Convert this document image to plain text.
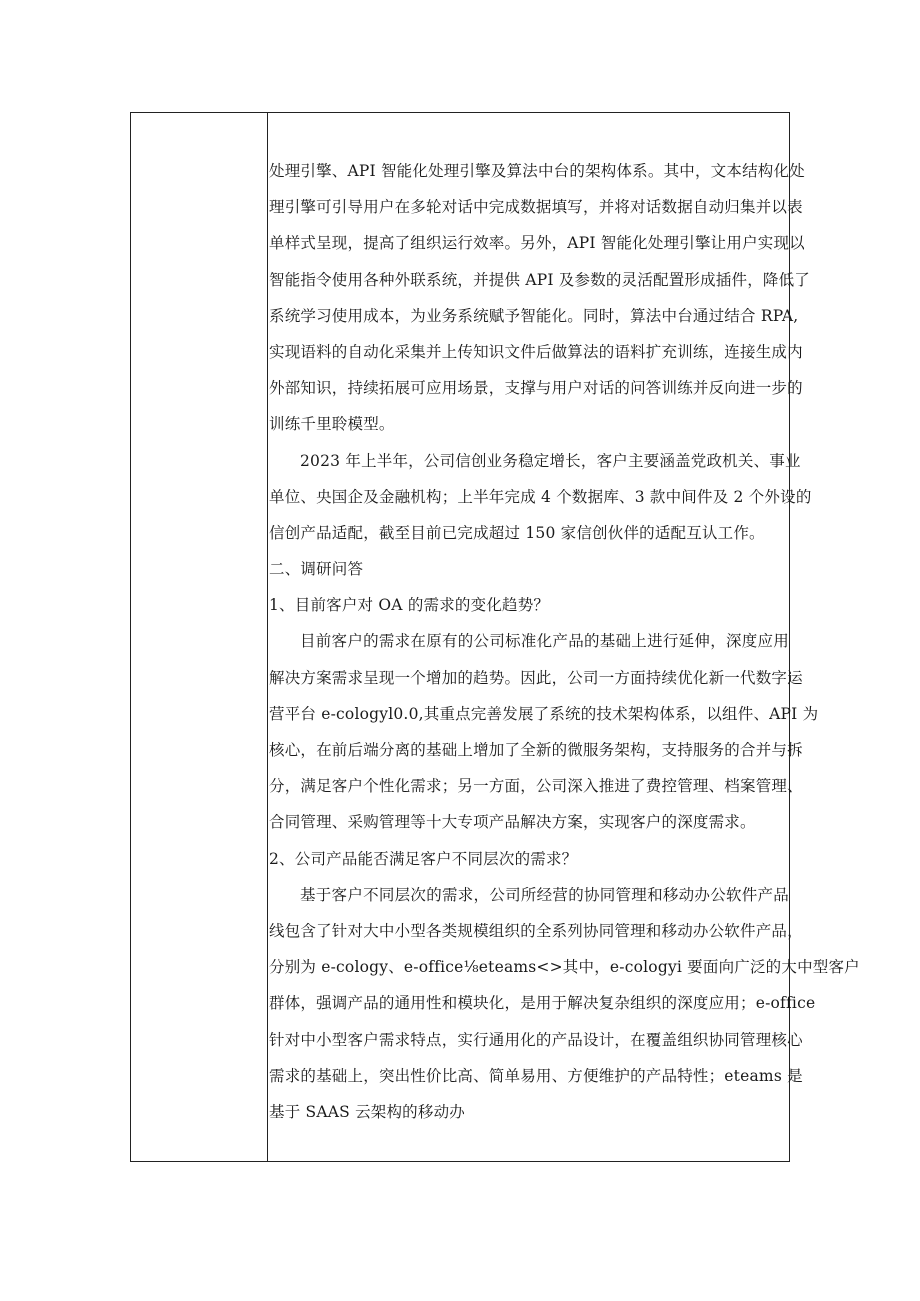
处理引擎、API 智能化处理引擎及算法中台的架构体系。其中，文本结构化处
理引擎可引导用户在多轮对话中完成数据填写，并将对话数据自动归集并以表
单样式呈现，提高了组织运行效率。另外，API 智能化处理引擎让用户实现以
智能指令使用各种外联系统，并提供 API 及参数的灵活配置形成插件，降低了
系统学习使用成本，为业务系统赋予智能化。同时，算法中台通过结合 RPA,
实现语料的自动化采集并上传知识文件后做算法的语料扩充训练，连接生成内
外部知识，持续拓展可应用场景，支撑与用户对话的问答训练并反向进一步的
训练千里聆模型。
2023 年上半年，公司信创业务稳定增长，客户主要涵盖党政机关、事业
单位、央国企及金融机构；上半年完成 4 个数据库、3 款中间件及 2 个外设的
信创产品适配，截至目前已完成超过 150 家信创伙伴的适配互认工作。
二、调研问答
1、目前客户对 OA 的需求的变化趋势？
目前客户的需求在原有的公司标准化产品的基础上进行延伸，深度应用
解决方案需求呈现一个增加的趋势。因此，公司一方面持续优化新一代数字运
营平台 e-cologyl0.0,其重点完善发展了系统的技术架构体系，以组件、API 为
核心，在前后端分离的基础上增加了全新的微服务架构，支持服务的合并与拆
分，满足客户个性化需求；另一方面，公司深入推进了费控管理、档案管理、
合同管理、采购管理等十大专项产品解决方案，实现客户的深度需求。
2、公司产品能否满足客户不同层次的需求？
基于客户不同层次的需求，公司所经营的协同管理和移动办公软件产品
线包含了针对大中小型各类规模组织的全系列协同管理和移动办公软件产品，
分别为 e-cology、e-office⅛eteams<>其中，e-cologyi 要面向广泛的大中型客户
群体，强调产品的通用性和模块化，是用于解决复杂组织的深度应用；e-office
针对中小型客户需求特点，实行通用化的产品设计，在覆盖组织协同管理核心
需求的基础上，突出性价比高、简单易用、方便维护的产品特性；eteams 是
基于 SAAS 云架构的移动办
